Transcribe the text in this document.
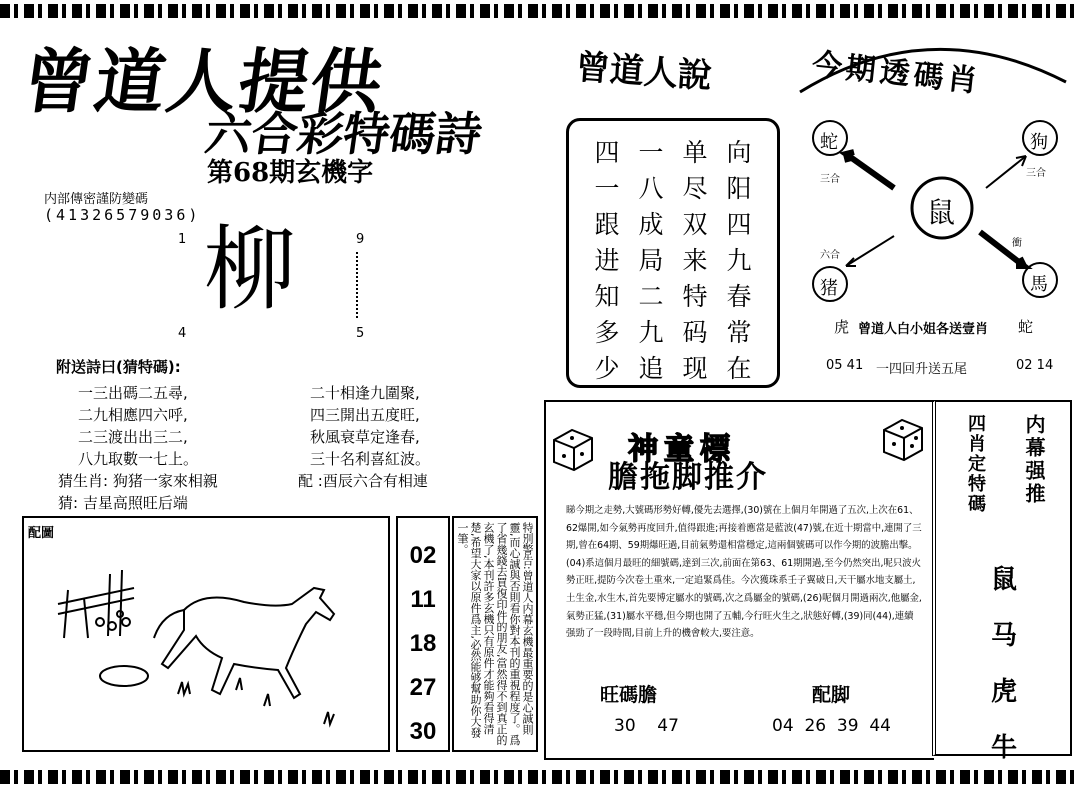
曾道人提供
六合彩特碼詩
第68期玄機字
内部傳密謹防變碼
(41326579036)
1	9
4	5
柳
附送詩曰(猜特碼):
一三出碼二五尋,
二九相應四六呼,
二三渡出出三二,
八九取數一七上。
二十相逢九圍聚,
四三開出五度旺,
秋風衰草定逢春,
三十名利喜紅波。
猜生肖: 狗猪一家來相親	配 :酉辰六合有相連
猜: 吉星高照旺后端
配圖
02
11
18
27
30	特別警告:曾道人内幕玄機最重要的是心誠則靈,而心誠與否則看你對本刊的重視程度了。爲了省幾錢去買復印件的朋友,當然得不到真正的玄機了,本刊許多玄機只有原件才能夠看得清楚,希望大家以原件爲主,必然能够幫助你大發一筆。
曾道人說
四 一 单 向
一 八 尽 阳
跟 成 双 四
进 局 来 九
知 二 特 春
多 九 码 常
少 追 现 在
今期透碼肖
鼠
蛇	狗
猪	馬
三合
三合
六合
衝
虎 曾道人白小姐各送壹肖 蛇
05 41 一四回升送五尾	02 14
神童標
膽拖脚推介
睇今期之走勢,大號碼形勢好轉,優先去選擇,(30)號在上個月年開過了五次,上次在61、62爆開,如今氣勢再度回升,值得跟進;再接着應當是藍波(47)號,在近十期當中,連開了三期,曾在64期、59期爆旺過,目前氣勢還相當穩定,這兩個號碼可以作今期的波膽出擊。(04)系這個月最旺的細號碼,達到三次,前面在第63、61期開過,至今仍然突出,呢只波火勢正旺,提防今次卷土重來,一定追緊爲佳。今次獲珠系壬子翼破日,天干屬水地支屬土,土生金,水生木,首先要博定屬水的號碼,次之爲屬金的號碼,(26)呢個月開過兩次,他屬金,氣勢正猛,(31)屬水平穩,但今期也開了五輔,今行旺火生之,狀態好轉,(39)同(44),連續强勁了一段時間,目前上升的機會較大,要注意。
旺碼膽
30    47
配脚
04  26  39  44
四肖定特碼 内幕强推
鼠
马
虎
牛
